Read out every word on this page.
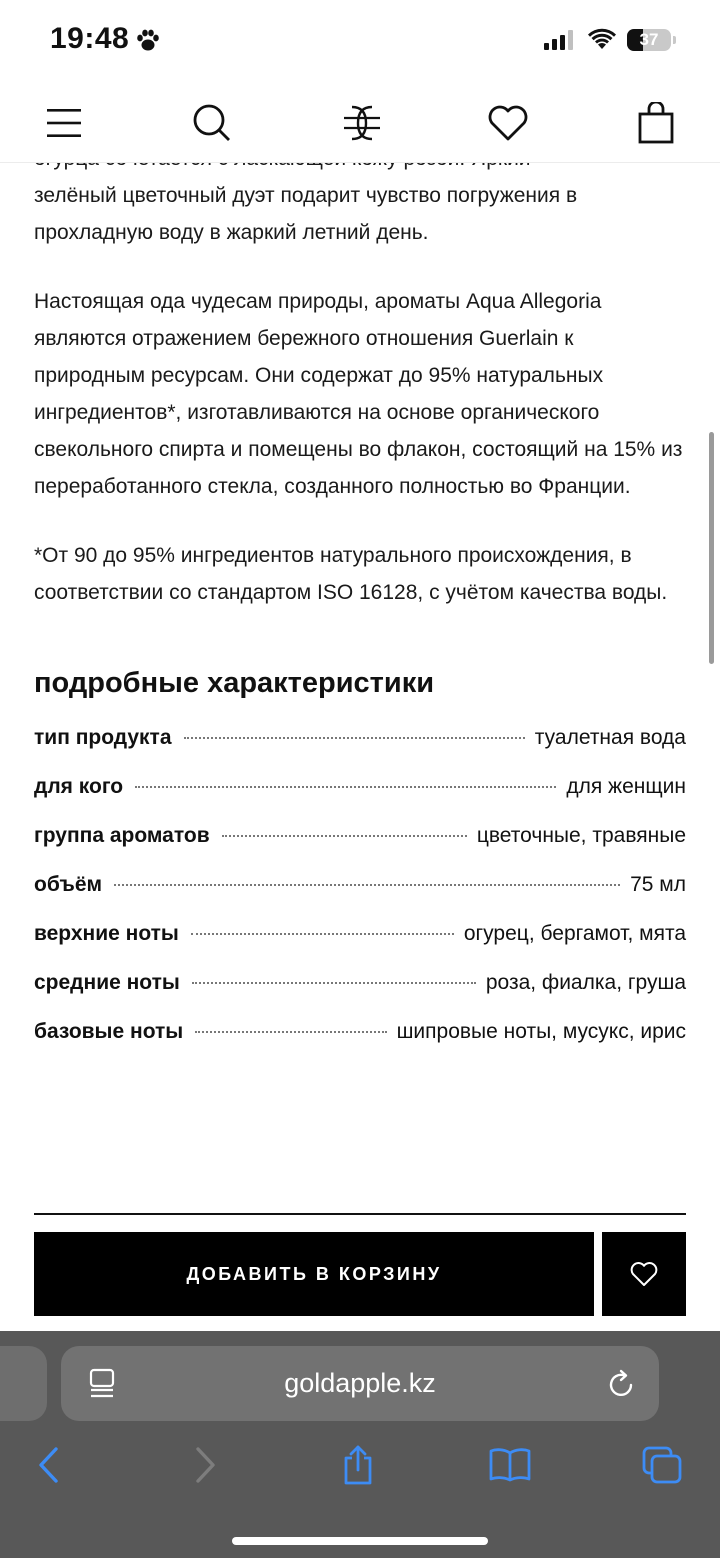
19:48	37

зелёный цветочный дуэт подарит чувство погружения в прохладную воду в жаркий летний день.

Настоящая ода чудесам природы, ароматы Aqua Allegoria являются отражением бережного отношения Guerlain к природным ресурсам. Они содержат до 95% натуральных ингредиентов*, изготавливаются на основе органического свекольного спирта и помещены во флакон, состоящий на 15% из переработанного стекла, созданного полностью во Франции.

*От 90 до 95% ингредиентов натурального происхождения, в соответствии со стандартом ISO 16128, с учётом качества воды.

подробные характеристики
тип продукта	туалетная вода
для кого	для женщин
группа ароматов	цветочные, травяные
объём	75 мл
верхние ноты	огурец, бергамот, мята
средние ноты	роза, фиалка, груша
базовые ноты	шипровые ноты, мусукс, ирис
ДОБАВИТЬ В КОРЗИНУ
goldapple.kz
